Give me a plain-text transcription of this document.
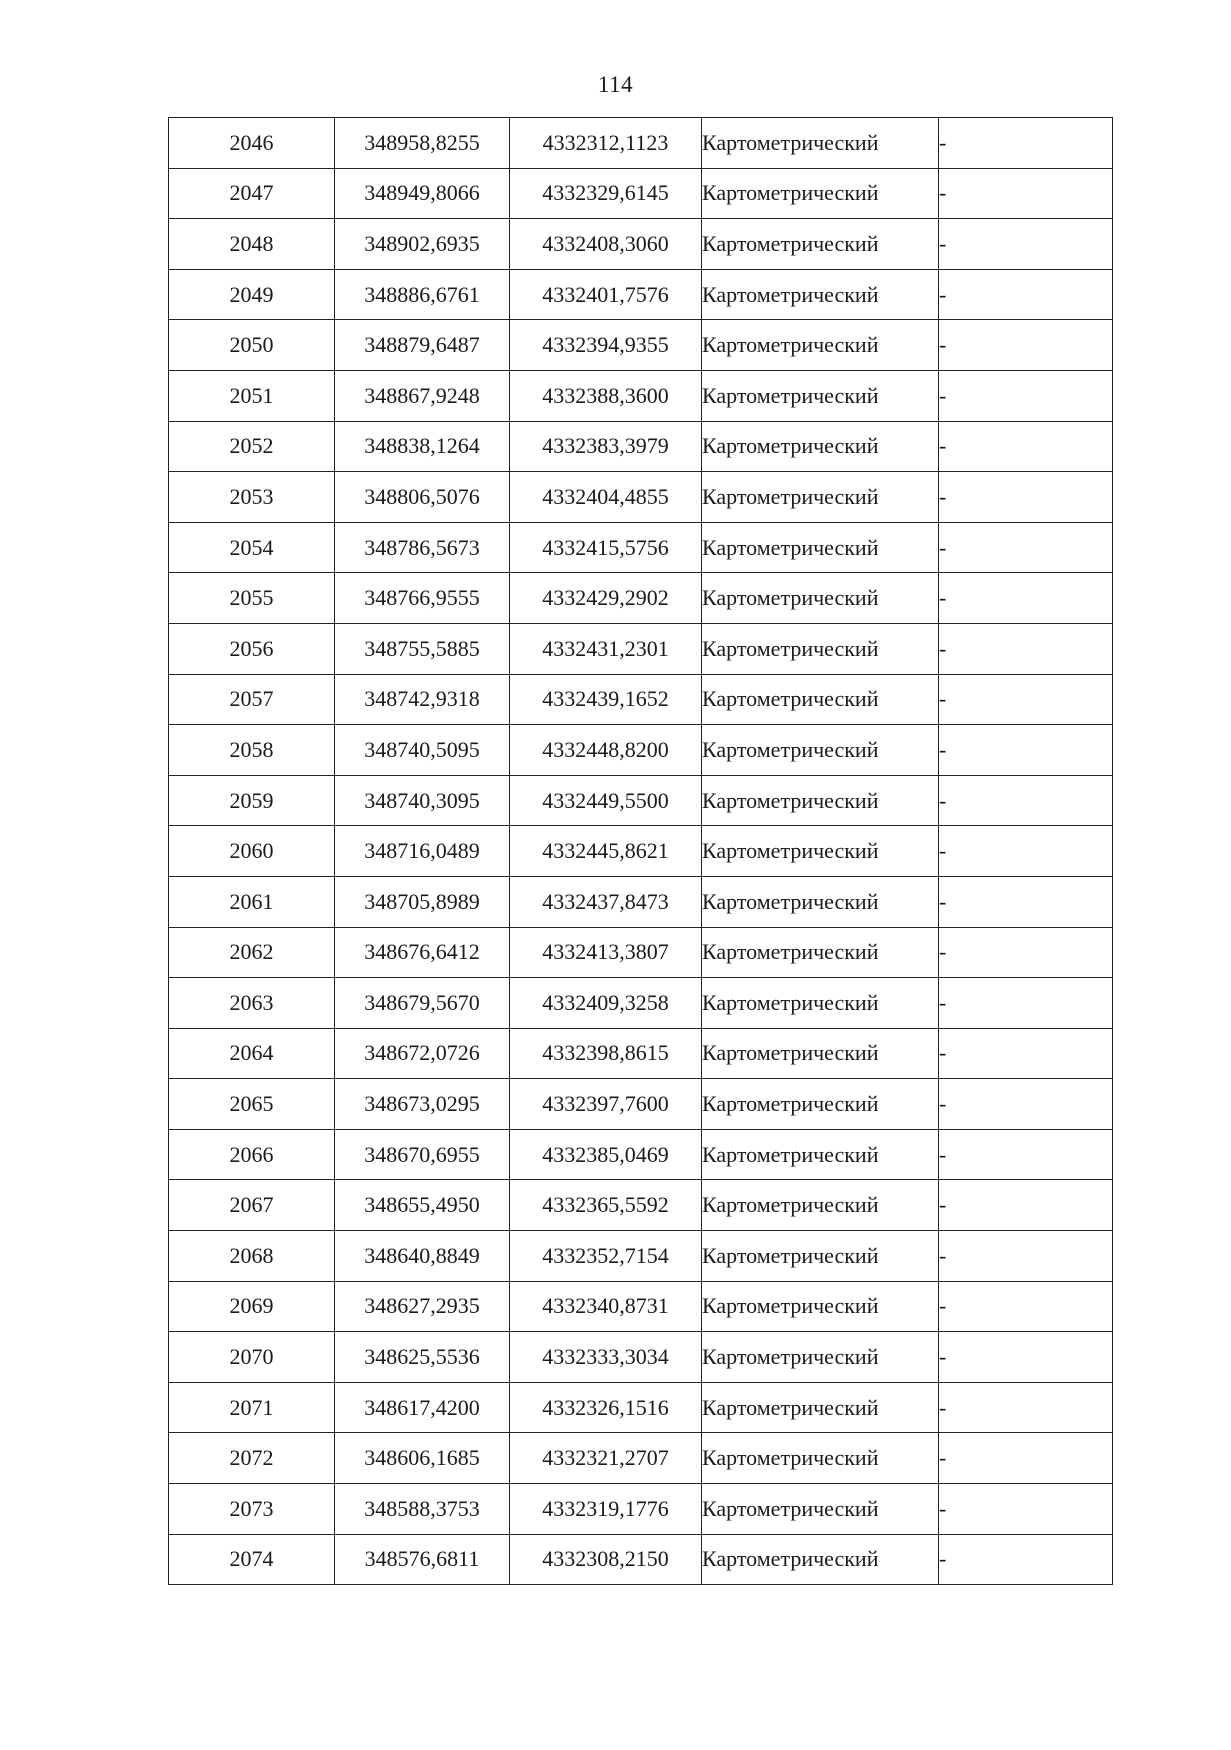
114
2046	348958,8255	4332312,1123	Картометрический	-
2047	348949,8066	4332329,6145	Картометрический	-
2048	348902,6935	4332408,3060	Картометрический	-
2049	348886,6761	4332401,7576	Картометрический	-
2050	348879,6487	4332394,9355	Картометрический	-
2051	348867,9248	4332388,3600	Картометрический	-
2052	348838,1264	4332383,3979	Картометрический	-
2053	348806,5076	4332404,4855	Картометрический	-
2054	348786,5673	4332415,5756	Картометрический	-
2055	348766,9555	4332429,2902	Картометрический	-
2056	348755,5885	4332431,2301	Картометрический	-
2057	348742,9318	4332439,1652	Картометрический	-
2058	348740,5095	4332448,8200	Картометрический	-
2059	348740,3095	4332449,5500	Картометрический	-
2060	348716,0489	4332445,8621	Картометрический	-
2061	348705,8989	4332437,8473	Картометрический	-
2062	348676,6412	4332413,3807	Картометрический	-
2063	348679,5670	4332409,3258	Картометрический	-
2064	348672,0726	4332398,8615	Картометрический	-
2065	348673,0295	4332397,7600	Картометрический	-
2066	348670,6955	4332385,0469	Картометрический	-
2067	348655,4950	4332365,5592	Картометрический	-
2068	348640,8849	4332352,7154	Картометрический	-
2069	348627,2935	4332340,8731	Картометрический	-
2070	348625,5536	4332333,3034	Картометрический	-
2071	348617,4200	4332326,1516	Картометрический	-
2072	348606,1685	4332321,2707	Картометрический	-
2073	348588,3753	4332319,1776	Картометрический	-
2074	348576,6811	4332308,2150	Картометрический	-
